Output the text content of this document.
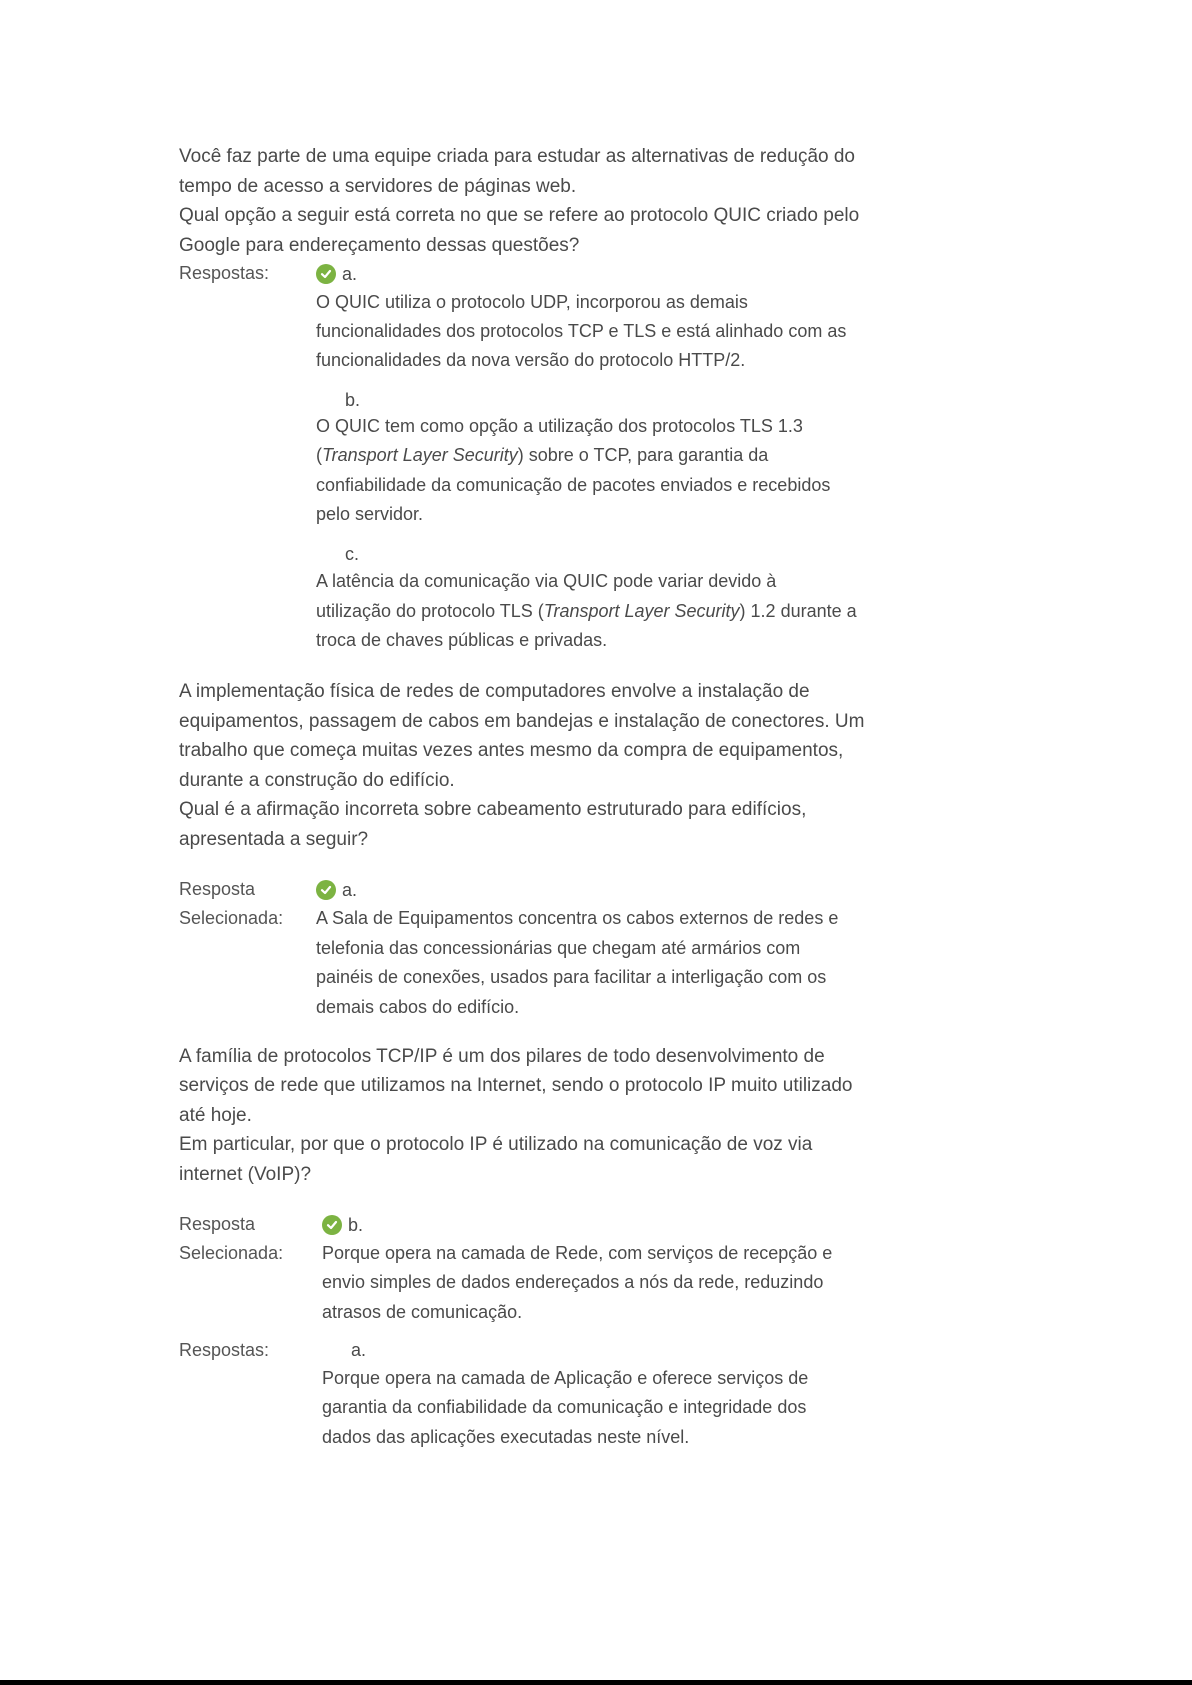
Você faz parte de uma equipe criada para estudar as alternativas de redução do
tempo de acesso a servidores de páginas web.
Qual opção a seguir está correta no que se refere ao protocolo QUIC criado pelo
Google para endereçamento dessas questões?
Respostas:	a.
O QUIC utiliza o protocolo UDP, incorporou as demais
funcionalidades dos protocolos TCP e TLS e está alinhado com as
funcionalidades da nova versão do protocolo HTTP/2.
b.
O QUIC tem como opção a utilização dos protocolos TLS 1.3
(Transport Layer Security) sobre o TCP, para garantia da
confiabilidade da comunicação de pacotes enviados e recebidos
pelo servidor.
c.
A latência da comunicação via QUIC pode variar devido à
utilização do protocolo TLS (Transport Layer Security) 1.2 durante a
troca de chaves públicas e privadas.
A implementação física de redes de computadores envolve a instalação de
equipamentos, passagem de cabos em bandejas e instalação de conectores. Um
trabalho que começa muitas vezes antes mesmo da compra de equipamentos,
durante a construção do edifício.
Qual é a afirmação incorreta sobre cabeamento estruturado para edifícios,
apresentada a seguir?
Resposta
Selecionada:
a.
A Sala de Equipamentos concentra os cabos externos de redes e
telefonia das concessionárias que chegam até armários com
painéis de conexões, usados para facilitar a interligação com os
demais cabos do edifício.
A família de protocolos TCP/IP é um dos pilares de todo desenvolvimento de
serviços de rede que utilizamos na Internet, sendo o protocolo IP muito utilizado
até hoje.
Em particular, por que o protocolo IP é utilizado na comunicação de voz via
internet (VoIP)?
Resposta
Selecionada:
b.
Porque opera na camada de Rede, com serviços de recepção e
envio simples de dados endereçados a nós da rede, reduzindo
atrasos de comunicação.
Respostas:	a.
Porque opera na camada de Aplicação e oferece serviços de
garantia da confiabilidade da comunicação e integridade dos
dados das aplicações executadas neste nível.
